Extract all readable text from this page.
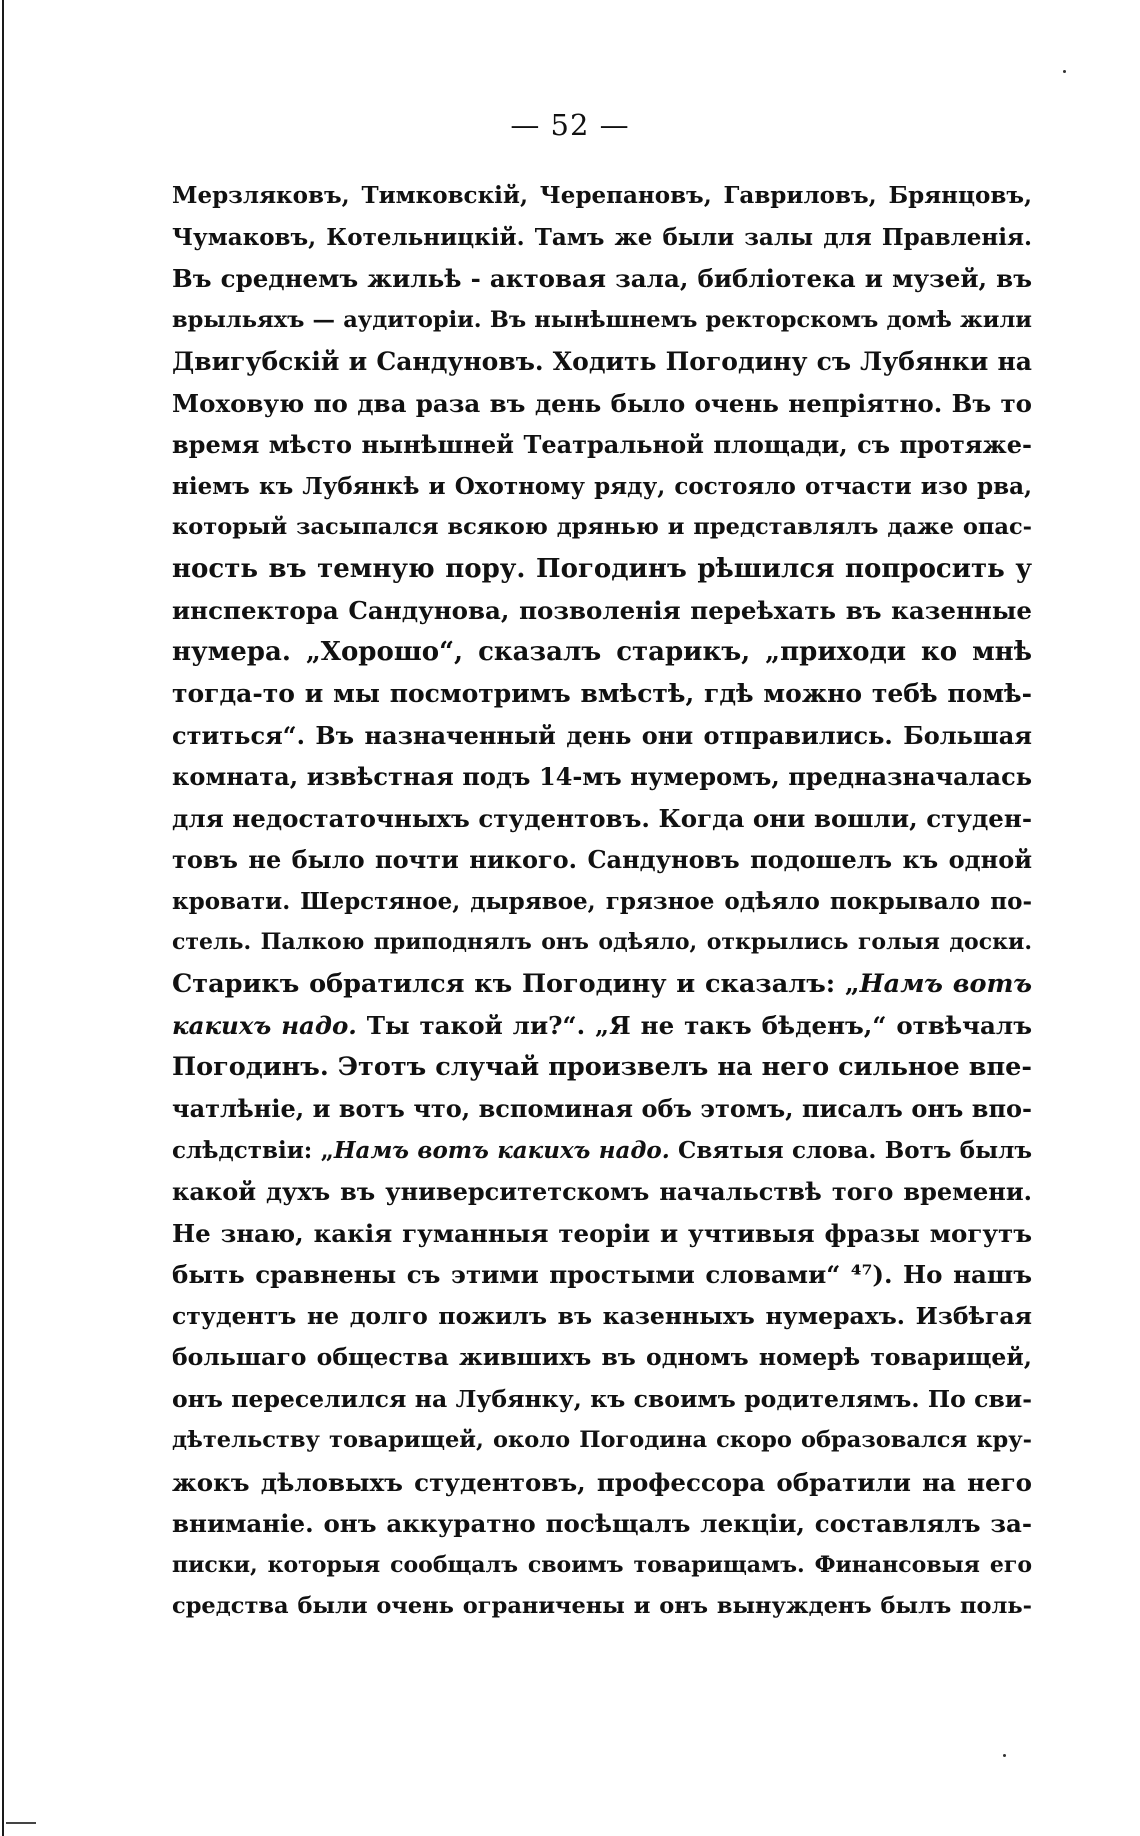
— 52 —
Мерзляковъ, Тимковскій, Черепановъ, Гавриловъ, Брянцовъ,
Чумаковъ, Котельницкій. Тамъ же были залы для Правленія.
Въ среднемъ жильѣ - актовая зала, библіотека и музей, въ
врыльяхъ — аудиторіи. Въ нынѣшнемъ ректорскомъ домѣ жили
Двигубскій и Сандуновъ. Ходить Погодину съ Лубянки на
Моховую по два раза въ день было очень непріятно. Въ то
время мѣсто нынѣшней Театральной площади, съ протяже-
ніемъ къ Лубянкѣ и Охотному ряду, состояло отчасти изо рва,
который засыпался всякою дрянью и представлялъ даже опас-
ность въ темную пору. Погодинъ рѣшился попросить у
инспектора Сандунова, позволенія переѣхать въ казенные
нумера. „Хорошо“, сказалъ старикъ, „приходи ко мнѣ
тогда-то и мы посмотримъ вмѣстѣ, гдѣ можно тебѣ помѣ-
ститься“. Въ назначенный день они отправились. Большая
комната, извѣстная подъ 14-мъ нумеромъ, предназначалась
для недостаточныхъ студентовъ. Когда они вошли, студен-
товъ не было почти никого. Сандуновъ подошелъ къ одной
кровати. Шерстяное, дырявое, грязное одѣяло покрывало по-
стель. Палкою приподнялъ онъ одѣяло, открылись голыя доски.
Старикъ обратился къ Погодину и сказалъ: „Намъ вотъ
какихъ надо. Ты такой ли?“. „Я не такъ бѣденъ,“ отвѣчалъ
Погодинъ. Этотъ случай произвелъ на него сильное впе-
чатлѣніе, и вотъ что, вспоминая объ этомъ, писалъ онъ впо-
слѣдствіи: „Намъ вотъ какихъ надо. Святыя слова. Вотъ былъ
какой духъ въ университетскомъ начальствѣ того времени.
Не знаю, какія гуманныя теоріи и учтивыя фразы могутъ
быть сравнены съ этими простыми словами“ ⁴⁷). Но нашъ
студентъ не долго пожилъ въ казенныхъ нумерахъ. Избѣгая
большаго общества жившихъ въ одномъ номерѣ товарищей,
онъ переселился на Лубянку, къ своимъ родителямъ. По сви-
дѣтельству товарищей, около Погодина скоро образовался кру-
жокъ дѣловыхъ студентовъ, профессора обратили на него
вниманіе. онъ аккуратно посѣщалъ лекціи, составлялъ за-
писки, которыя сообщалъ своимъ товарищамъ. Финансовыя его
средства были очень ограничены и онъ вынужденъ былъ поль-
